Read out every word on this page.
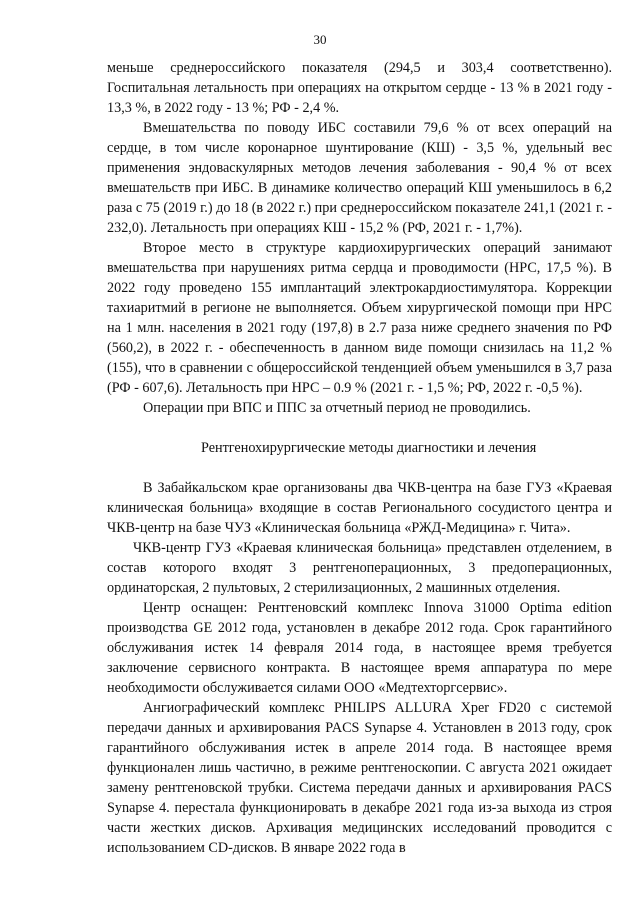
30

меньше среднероссийского показателя (294,5 и 303,4 соответственно). Госпитальная летальность при операциях на открытом сердце - 13 % в 2021 году - 13,3 %, в 2022 году - 13 %; РФ - 2,4 %.

Вмешательства по поводу ИБС составили 79,6 % от всех операций на сердце, в том числе коронарное шунтирование (КШ) - 3,5 %, удельный вес применения эндоваскулярных методов лечения заболевания - 90,4 % от всех вмешательств при ИБС. В динамике количество операций КШ уменьшилось в 6,2 раза с 75 (2019 г.) до 18 (в 2022 г.) при среднероссийском показателе 241,1 (2021 г. - 232,0). Летальность при операциях КШ - 15,2 % (РФ, 2021 г. - 1,7%).

Второе место в структуре кардиохирургических операций занимают вмешательства при нарушениях ритма сердца и проводимости (НРС, 17,5 %). В 2022 году проведено 155 имплантаций электрокардиостимулятора. Коррекции тахиаритмий в регионе не выполняется. Объем хирургической помощи при НРС на 1 млн. населения в 2021 году (197,8) в 2.7 раза ниже среднего значения по РФ (560,2), в 2022 г. - обеспеченность в данном виде помощи снизилась на 11,2 % (155), что в сравнении с общероссийской тенденцией объем уменьшился в 3,7 раза (РФ - 607,6). Летальность при НРС – 0.9 % (2021 г. - 1,5 %; РФ, 2022 г. -0,5 %).

Операции при ВПС и ППС за отчетный период не проводились.

Рентгенохирургические методы диагностики и лечения

В Забайкальском крае организованы два ЧКВ-центра на базе ГУЗ «Краевая клиническая больница» входящие в состав Регионального сосудистого центра и ЧКВ-центр на базе ЧУЗ «Клиническая больница «РЖД-Медицина» г. Чита».

ЧКВ-центр ГУЗ «Краевая клиническая больница» представлен отделением, в состав которого входят 3 рентгеноперационных, 3 предоперационных, ординаторская, 2 пультовых, 2 стерилизационных, 2 машинных отделения.

Центр оснащен: Рентгеновский комплекс Innova 31000 Optima edition производства GE 2012 года, установлен в декабре 2012 года. Срок гарантийного обслуживания истек 14 февраля 2014 года, в настоящее время требуется заключение сервисного контракта. В настоящее время аппаратура по мере необходимости обслуживается силами ООО «Медтехторгсервис».

Ангиографический комплекс PHILIPS ALLURA Xper FD20 с системой передачи данных и архивирования PACS Synapse 4. Установлен в 2013 году, срок гарантийного обслуживания истек в апреле 2014 года. В настоящее время функционален лишь частично, в режиме рентгеноскопии. С августа 2021 ожидает замену рентгеновской трубки. Система передачи данных и архивирования PACS Synapse 4. перестала функционировать в декабре 2021 года из-за выхода из строя части жестких дисков. Архивация медицинских исследований проводится с использованием CD-дисков. В январе 2022 года в
